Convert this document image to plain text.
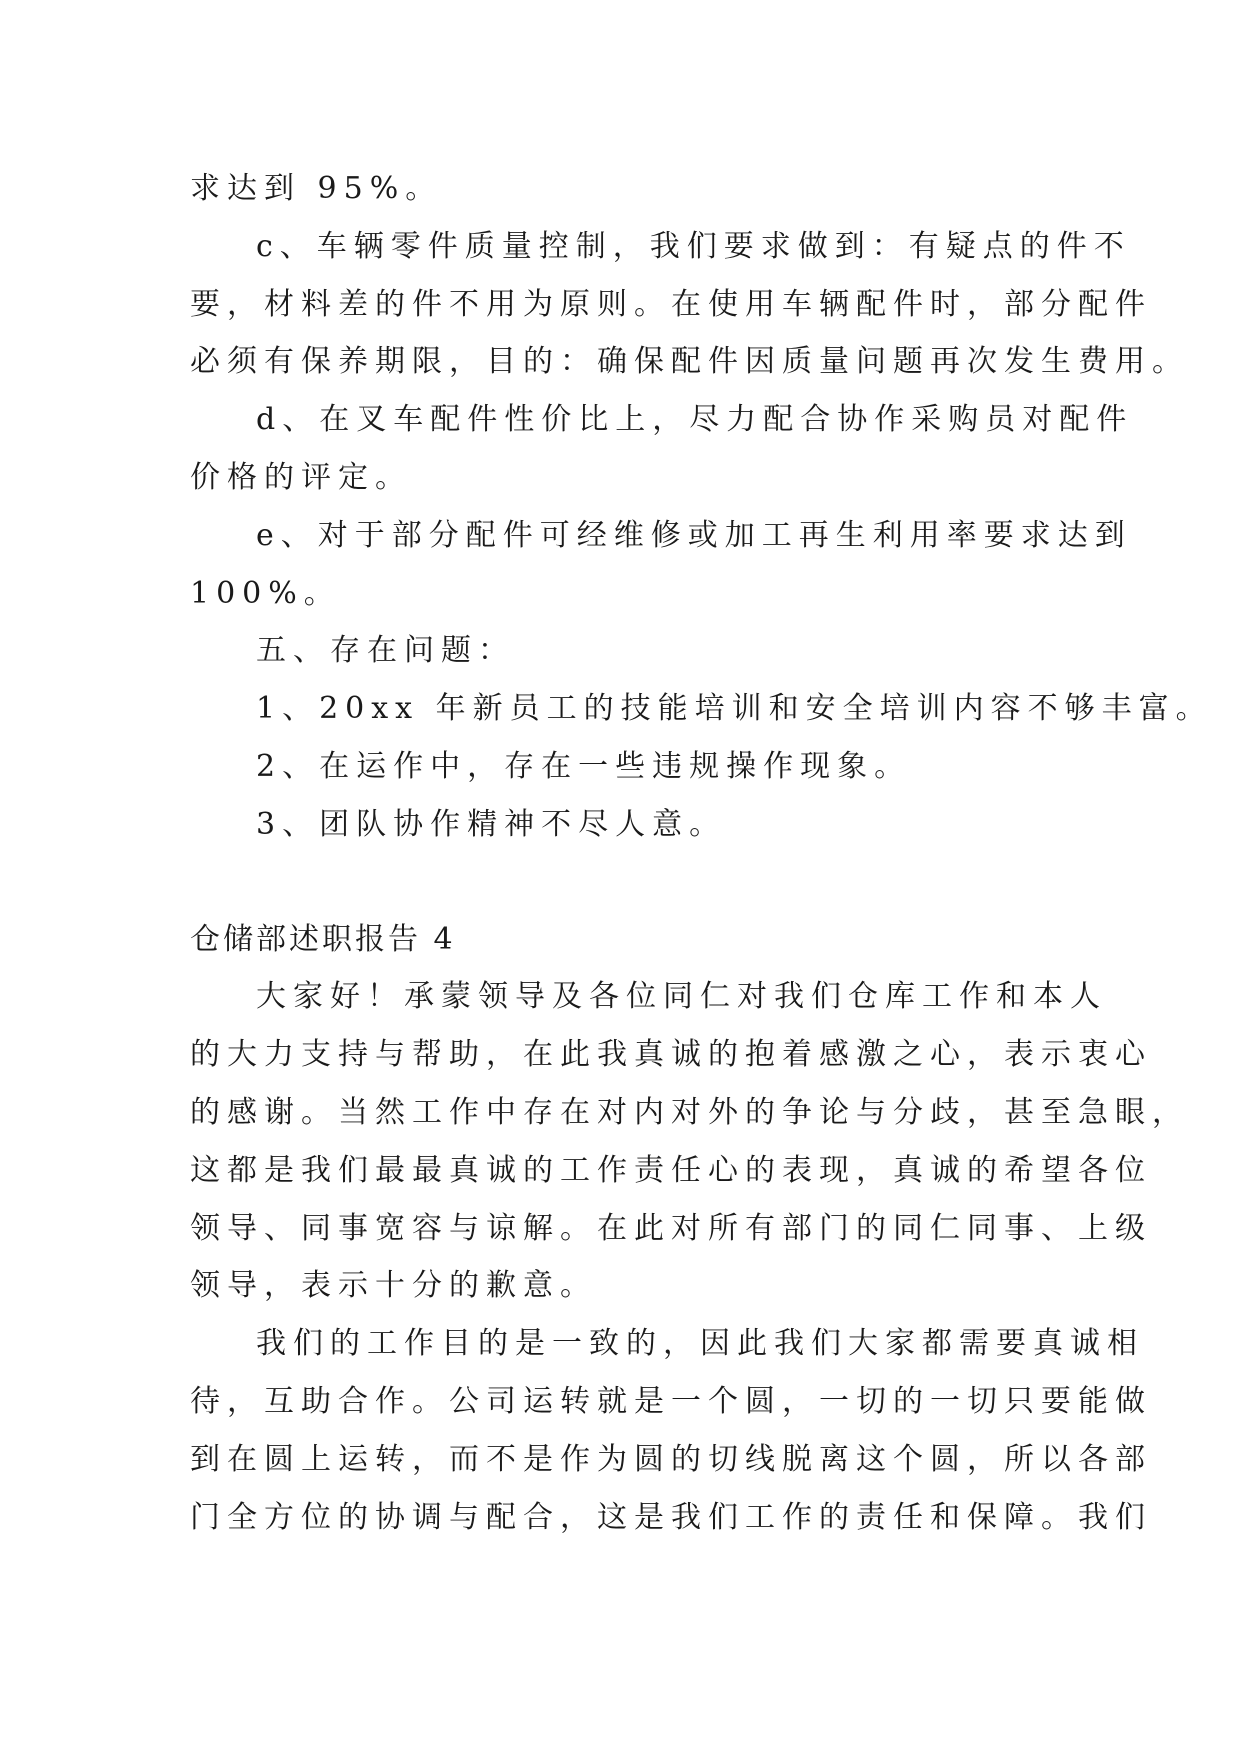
求达到 95%。

c、车辆零件质量控制，我们要求做到：有疑点的件不

要，材料差的件不用为原则。在使用车辆配件时，部分配件

必须有保养期限，目的：确保配件因质量问题再次发生费用。

d、在叉车配件性价比上，尽力配合协作采购员对配件

价格的评定。

e、对于部分配件可经维修或加工再生利用率要求达到

100%。

五、存在问题：

1、20xx 年新员工的技能培训和安全培训内容不够丰富。

2、在运作中，存在一些违规操作现象。

3、团队协作精神不尽人意。

仓储部述职报告 4

大家好！承蒙领导及各位同仁对我们仓库工作和本人

的大力支持与帮助，在此我真诚的抱着感激之心，表示衷心

的感谢。当然工作中存在对内对外的争论与分歧，甚至急眼，

这都是我们最最真诚的工作责任心的表现，真诚的希望各位

领导、同事宽容与谅解。在此对所有部门的同仁同事、上级

领导，表示十分的歉意。

我们的工作目的是一致的，因此我们大家都需要真诚相

待，互助合作。公司运转就是一个圆，一切的一切只要能做

到在圆上运转，而不是作为圆的切线脱离这个圆，所以各部

门全方位的协调与配合，这是我们工作的责任和保障。我们
